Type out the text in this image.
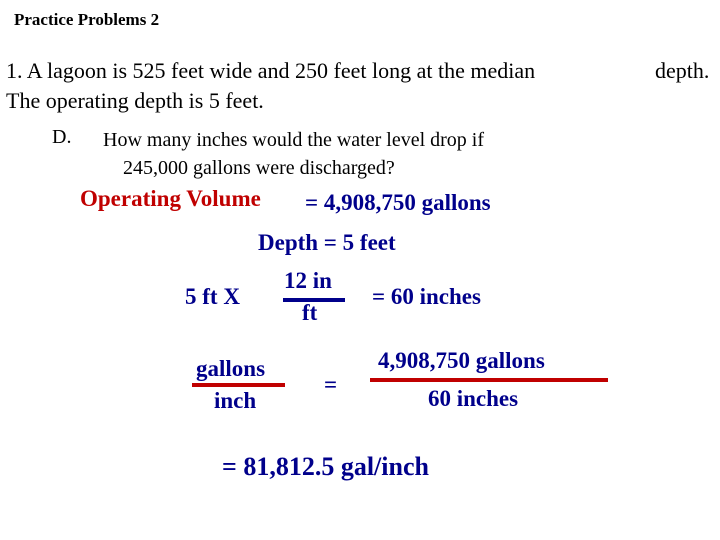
Practice Problems 2
1. A lagoon is 525 feet wide and 250 feet long at the median
The operating depth is 5 feet.
depth.
D. How many inches would the water level drop if
245,000 gallons were discharged?
Operating Volume = 4,908,750 gallons
Depth = 5 feet
5 ft X
12 in
ft
= 60 inches
gallons
inch
=
4,908,750 gallons
60 inches
= 81,812.5 gal/inch
